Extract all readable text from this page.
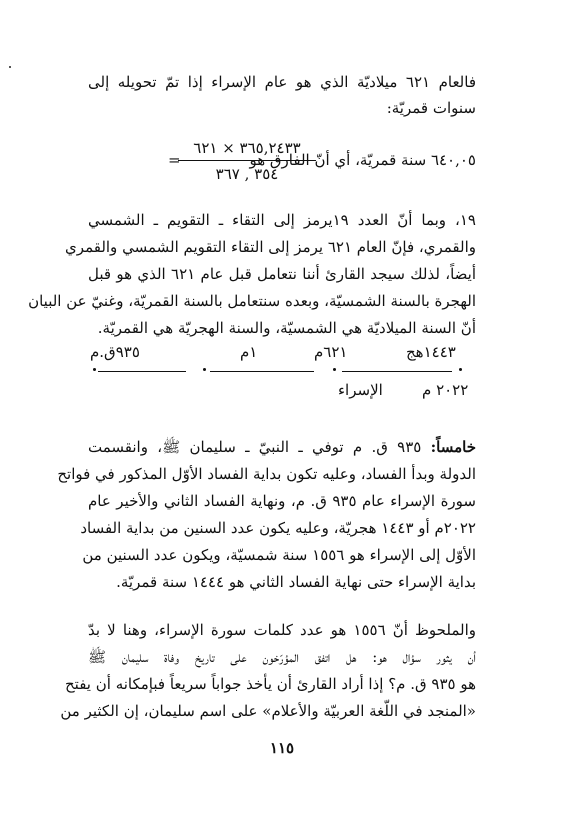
فالعام ٦٢١ ميلاديّة الذي هو عام الإسراء إذا تمّ تحويله إلى
سنوات قمريّة:
٦٤٠,٠٥ سنة قمريّة، أي أنّ الفارق هو
=
٣٦٥,٢٤٣٣ × ٦٢١
٣٥٤ , ٣٦٧
١٩، وبما أنّ العدد ١٩يرمز إلى التقاء ـ التقويم ـ الشمسي
والقمري، فإنّ العام ٦٢١ يرمز إلى التقاء التقويم الشمسي والقمري
أيضاً، لذلك سيجد القارئ أننا نتعامل قبل عام ٦٢١ الذي هو قبل
الهجرة بالسنة الشمسيّة، وبعده سنتعامل بالسنة القمريّة، وغنيّ عن البيان
أنّ السنة الميلاديّة هي الشمسيّة، والسنة الهجريّة هي القمريّة.
٩٣٥ق.م	١م	٦٢١م	١٤٤٣هج
الإسراء	٢٠٢٢ م
خامساً: ٩٣٥ ق. م توفي ـ النبيّ ـ سليمان ﷺ، وانقسمت
الدولة وبدأ الفساد، وعليه تكون بداية الفساد الأوّل المذكور في فواتح
سورة الإسراء عام ٩٣٥ ق. م، ونهاية الفساد الثاني والأخير عام
٢٠٢٢م أو ١٤٤٣ هجريّة، وعليه يكون عدد السنين من بداية الفساد
الأوّل إلى الإسراء هو ١٥٥٦ سنة شمسيّة، ويكون عدد السنين من
بداية الإسراء حتى نهاية الفساد الثاني هو ١٤٤٤ سنة قمريّة.
والملحوظ أنّ ١٥٥٦ هو عدد كلمات سورة الإسراء، وهنا لا بدّ
أن يثور سؤال هو: هل اتفق المؤرّخون على تاريخ وفاة سليمان ﷺ
هو ٩٣٥ ق. م؟ إذا أراد القارئ أن يأخذ جواباً سريعاً فبإمكانه أن يفتح
«المنجد في اللّغة العربيّة والأعلام» على اسم سليمان، إن الكثير من
١١٥
